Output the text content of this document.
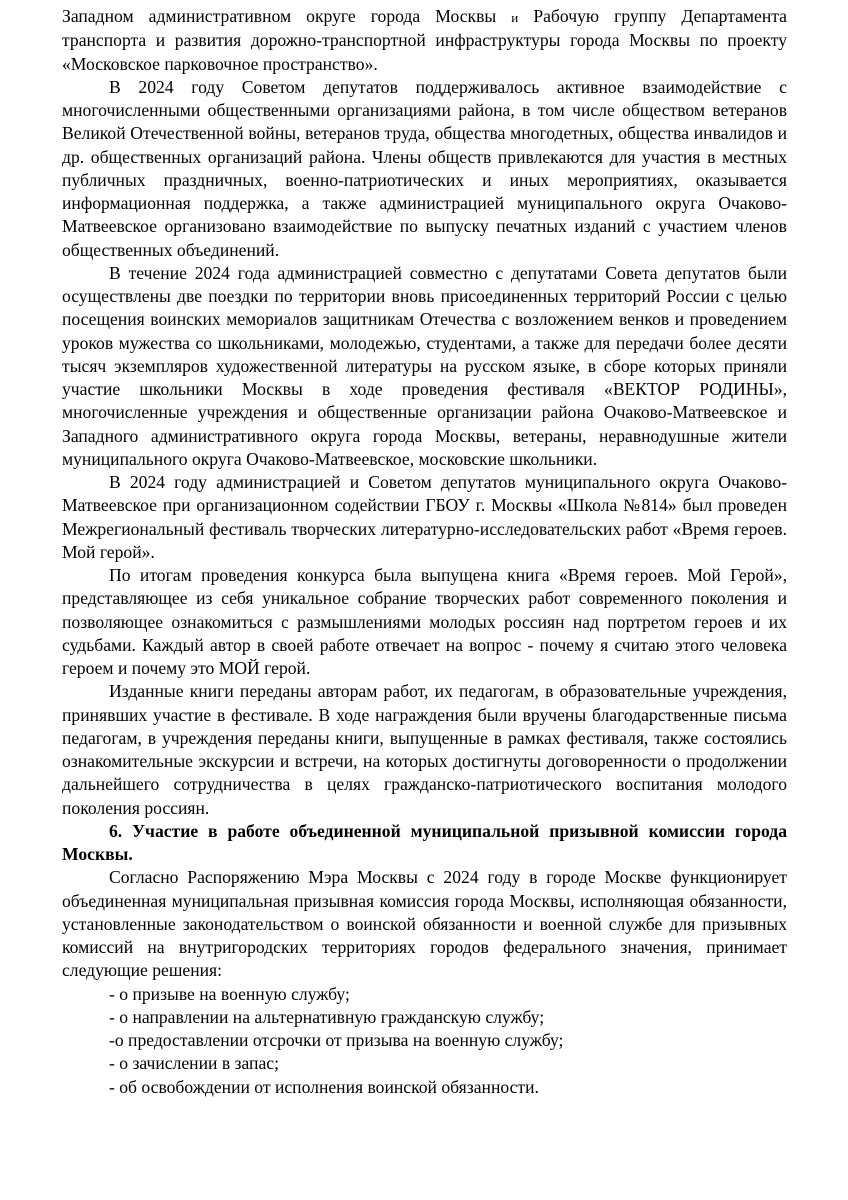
Западном административном округе города Москвы и Рабочую группу Департамента транспорта и развития дорожно-транспортной инфраструктуры города Москвы по проекту «Московское парковочное пространство».

В 2024 году Советом депутатов поддерживалось активное взаимодействие с многочисленными общественными организациями района, в том числе обществом ветеранов Великой Отечественной войны, ветеранов труда, общества многодетных, общества инвалидов и др. общественных организаций района. Члены обществ привлекаются для участия в местных публичных праздничных, военно-патриотических и иных мероприятиях, оказывается информационная поддержка, а также администрацией муниципального округа Очаково-Матвеевское организовано взаимодействие по выпуску печатных изданий с участием членов общественных объединений.

В течение 2024 года администрацией совместно с депутатами Совета депутатов были осуществлены две поездки по территории вновь присоединенных территорий России с целью посещения воинских мемориалов защитникам Отечества с возложением венков и проведением уроков мужества со школьниками, молодежью, студентами, а также для передачи более десяти тысяч экземпляров художественной литературы на русском языке, в сборе которых приняли участие школьники Москвы в ходе проведения фестиваля «ВЕКТОР РОДИНЫ», многочисленные учреждения и общественные организации района Очаково-Матвеевское и Западного административного округа города Москвы, ветераны, неравнодушные жители муниципального округа Очаково-Матвеевское, московские школьники.

В 2024 году администрацией и Советом депутатов муниципального округа Очаково-Матвеевское при организационном содействии ГБОУ г. Москвы «Школа №814» был проведен Межрегиональный фестиваль творческих литературно-исследовательских работ «Время героев. Мой герой».

По итогам проведения конкурса была выпущена книга «Время героев. Мой Герой», представляющее из себя уникальное собрание творческих работ современного поколения и позволяющее ознакомиться с размышлениями молодых россиян над портретом героев и их судьбами. Каждый автор в своей работе отвечает на вопрос - почему я считаю этого человека героем и почему это МОЙ герой.

Изданные книги переданы авторам работ, их педагогам, в образовательные учреждения, принявших участие в фестивале. В ходе награждения были вручены благодарственные письма педагогам, в учреждения переданы книги, выпущенные в рамках фестиваля, также состоялись ознакомительные экскурсии и встречи, на которых достигнуты договоренности о продолжении дальнейшего сотрудничества в целях гражданско-патриотического воспитания молодого поколения россиян.

6. Участие в работе объединенной муниципальной призывной комиссии города Москвы.

Согласно Распоряжению Мэра Москвы с 2024 году в городе Москве функционирует объединенная муниципальная призывная комиссия города Москвы, исполняющая обязанности, установленные законодательством о воинской обязанности и военной службе для призывных комиссий на внутригородских территориях городов федерального значения, принимает следующие решения:

- о призыве на военную службу;
- о направлении на альтернативную гражданскую службу;
-о предоставлении отсрочки от призыва на военную службу;
- о зачислении в запас;
- об освобождении от исполнения воинской обязанности.
